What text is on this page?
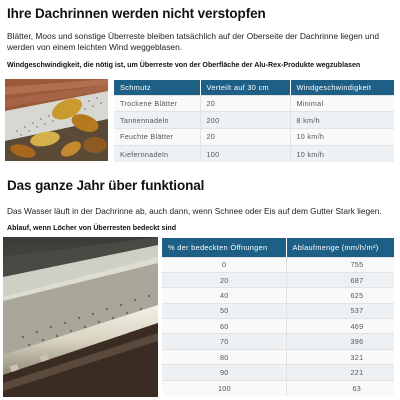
Ihre Dachrinnen werden nicht verstopfen
Blätter, Moos und sonstige Überreste bleiben tatsächlich auf der Oberseite der Dachrinne liegen und werden von einem leichten Wind weggeblasen.
Windgeschwindigkeit, die nötig ist, um Überreste von der Oberfläche der Alu-Rex-Produkte wegzublasen
Schmutz	Verteilt auf 30 cm	Windgeschwindigkeit
Trockene Blätter	20	Minimal
Tannennadeln	200	8 km/h
Feuchte Blätter	20	10 km/h
Kiefernnadeln	100	10 km/h
Das ganze Jahr über funktional
Das Wasser läuft in der Dachrinne ab, auch dann, wenn Schnee oder Eis auf dem Gutter Stark liegen.
Ablauf, wenn Löcher von Überresten bedeckt sind
% der bedeckten Öffnungen	Ablaufmenge (mm/h/m²)
0	755
20	687
40	625
50	537
60	469
70	396
80	321
90	221
100	63
